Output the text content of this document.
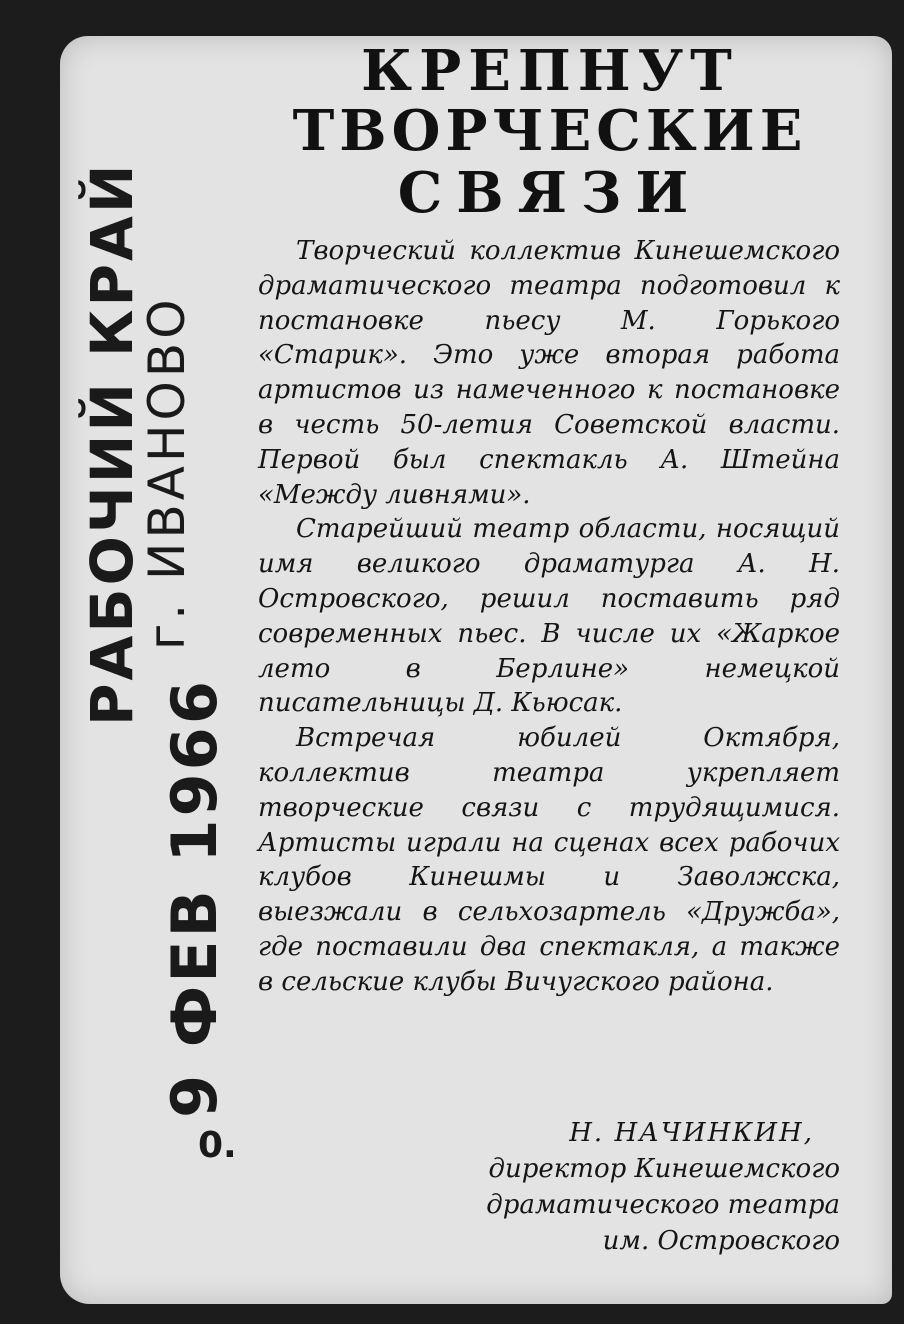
РАБОЧИЙ КРАЙ
г. ИВАНОВО
9 ФЕВ 1966
0.
КРЕПНУТ
ТВОРЧЕСКИЕ
СВЯЗИ

Творческий коллектив Кинешемского драматического театра подготовил к постановке пьесу М. Горького «Старик». Это уже вторая работа артистов из намеченного к постановке в честь 50-летия Советской власти. Первой был спектакль А. Штейна «Между ливнями».

Старейший театр области, носящий имя великого драматурга А. Н. Островского, решил поставить ряд современных пьес. В числе их «Жаркое лето в Берлине» немецкой писательницы Д. Кьюсак.

Встречая юбилей Октября, коллектив театра укрепляет творческие связи с трудящимися. Артисты играли на сценах всех рабочих клубов Кинешмы и Заволжска, выезжали в сельхозартель «Дружба», где поставили два спектакля, а также в сельские клубы Вичугского района.

Н. НАЧИНКИН,
директор Кинешемского
драматического театра
им. Островского
